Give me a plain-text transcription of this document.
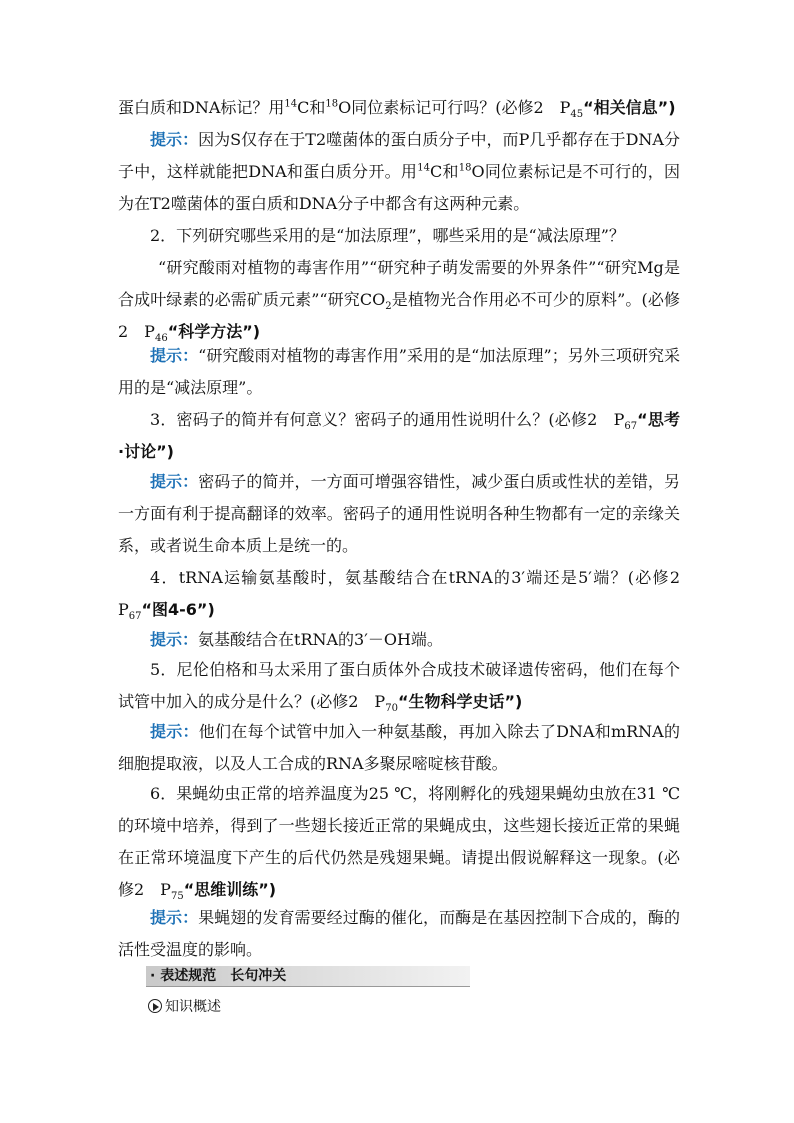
蛋白质和DNA标记？用$^{14}$C和$^{18}$O同位素标记可行吗？(必修2　$P_{45}“$相关信息”)

提示：因为S仅存在于T2噬菌体的蛋白质分子中，而P几乎都存在于DNA分子中，这样就能把DNA和蛋白质分开。用$^{14}$C和$^{18}$O同位素标记是不可行的，因为在T2噬菌体的蛋白质和DNA分子中都含有这两种元素。

2．下列研究哪些采用的是“加法原理”，哪些采用的是“减法原理”？

“研究酸雨对植物的毒害作用”“研究种子萌发需要的外界条件”“研究Mg是合成叶绿素的必需矿质元素”“研究$CO_2$是植物光合作用必不可少的原料”。(必修2　$P_{46}“$科学方法”)

提示：“研究酸雨对植物的毒害作用”采用的是“加法原理”；另外三项研究采用的是“减法原理”。

3．密码子的简并有何意义？密码子的通用性说明什么？(必修2　$P_{67}“$思考·讨论”)

提示：密码子的简并，一方面可增强容错性，减少蛋白质或性状的差错，另一方面有利于提高翻译的效率。密码子的通用性说明各种生物都有一定的亲缘关系，或者说生命本质上是统一的。

4．tRNA运输氨基酸时，氨基酸结合在tRNA的3′端还是5′端？(必修2　$P_{67}“$图4-6”)

提示：氨基酸结合在tRNA的3′－OH端。

5．尼伦伯格和马太采用了蛋白质体外合成技术破译遗传密码，他们在每个试管中加入的成分是什么？(必修2　$P_{70}“$生物科学史话”)

提示：他们在每个试管中加入一种氨基酸，再加入除去了DNA和mRNA的细胞提取液，以及人工合成的RNA多聚尿嘧啶核苷酸。

6．果蝇幼虫正常的培养温度为25 ℃，将刚孵化的残翅果蝇幼虫放在31 ℃的环境中培养，得到了一些翅长接近正常的果蝇成虫，这些翅长接近正常的果蝇在正常环境温度下产生的后代仍然是残翅果蝇。请提出假说解释这一现象。(必修2　$P_{75}“$思维训练”)

提示：果蝇翅的发育需要经过酶的催化，而酶是在基因控制下合成的，酶的活性受温度的影响。

· 表述规范　长句冲关
知识概述
